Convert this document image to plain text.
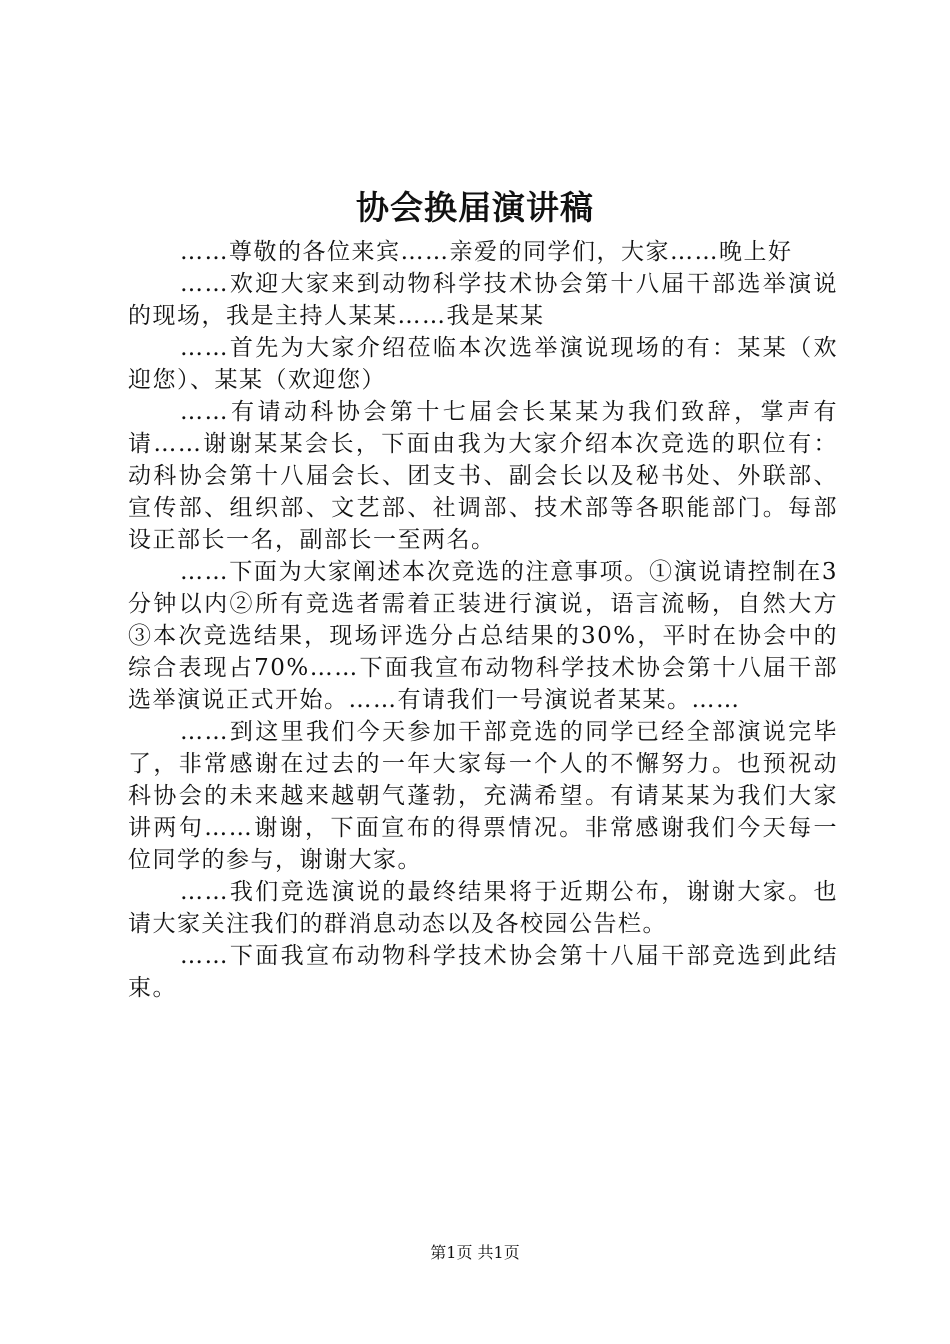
协会换届演讲稿

……尊敬的各位来宾……亲爱的同学们，大家……晚上好

……欢迎大家来到动物科学技术协会第十八届干部选举演说的现场，我是主持人某某……我是某某

……首先为大家介绍莅临本次选举演说现场的有：某某（欢迎您）、某某（欢迎您）

……有请动科协会第十七届会长某某为我们致辞，掌声有请……谢谢某某会长，下面由我为大家介绍本次竞选的职位有：动科协会第十八届会长、团支书、副会长以及秘书处、外联部、宣传部、组织部、文艺部、社调部、技术部等各职能部门。每部设正部长一名，副部长一至两名。

……下面为大家阐述本次竞选的注意事项。①演说请控制在3分钟以内②所有竞选者需着正装进行演说，语言流畅，自然大方③本次竞选结果，现场评选分占总结果的30%，平时在协会中的综合表现占70%……下面我宣布动物科学技术协会第十八届干部选举演说正式开始。……有请我们一号演说者某某。……

……到这里我们今天参加干部竞选的同学已经全部演说完毕了，非常感谢在过去的一年大家每一个人的不懈努力。也预祝动科协会的未来越来越朝气蓬勃，充满希望。有请某某为我们大家讲两句……谢谢，下面宣布的得票情况。非常感谢我们今天每一位同学的参与，谢谢大家。

……我们竞选演说的最终结果将于近期公布，谢谢大家。也请大家关注我们的群消息动态以及各校园公告栏。

……下面我宣布动物科学技术协会第十八届干部竞选到此结束。

第1页 共1页
